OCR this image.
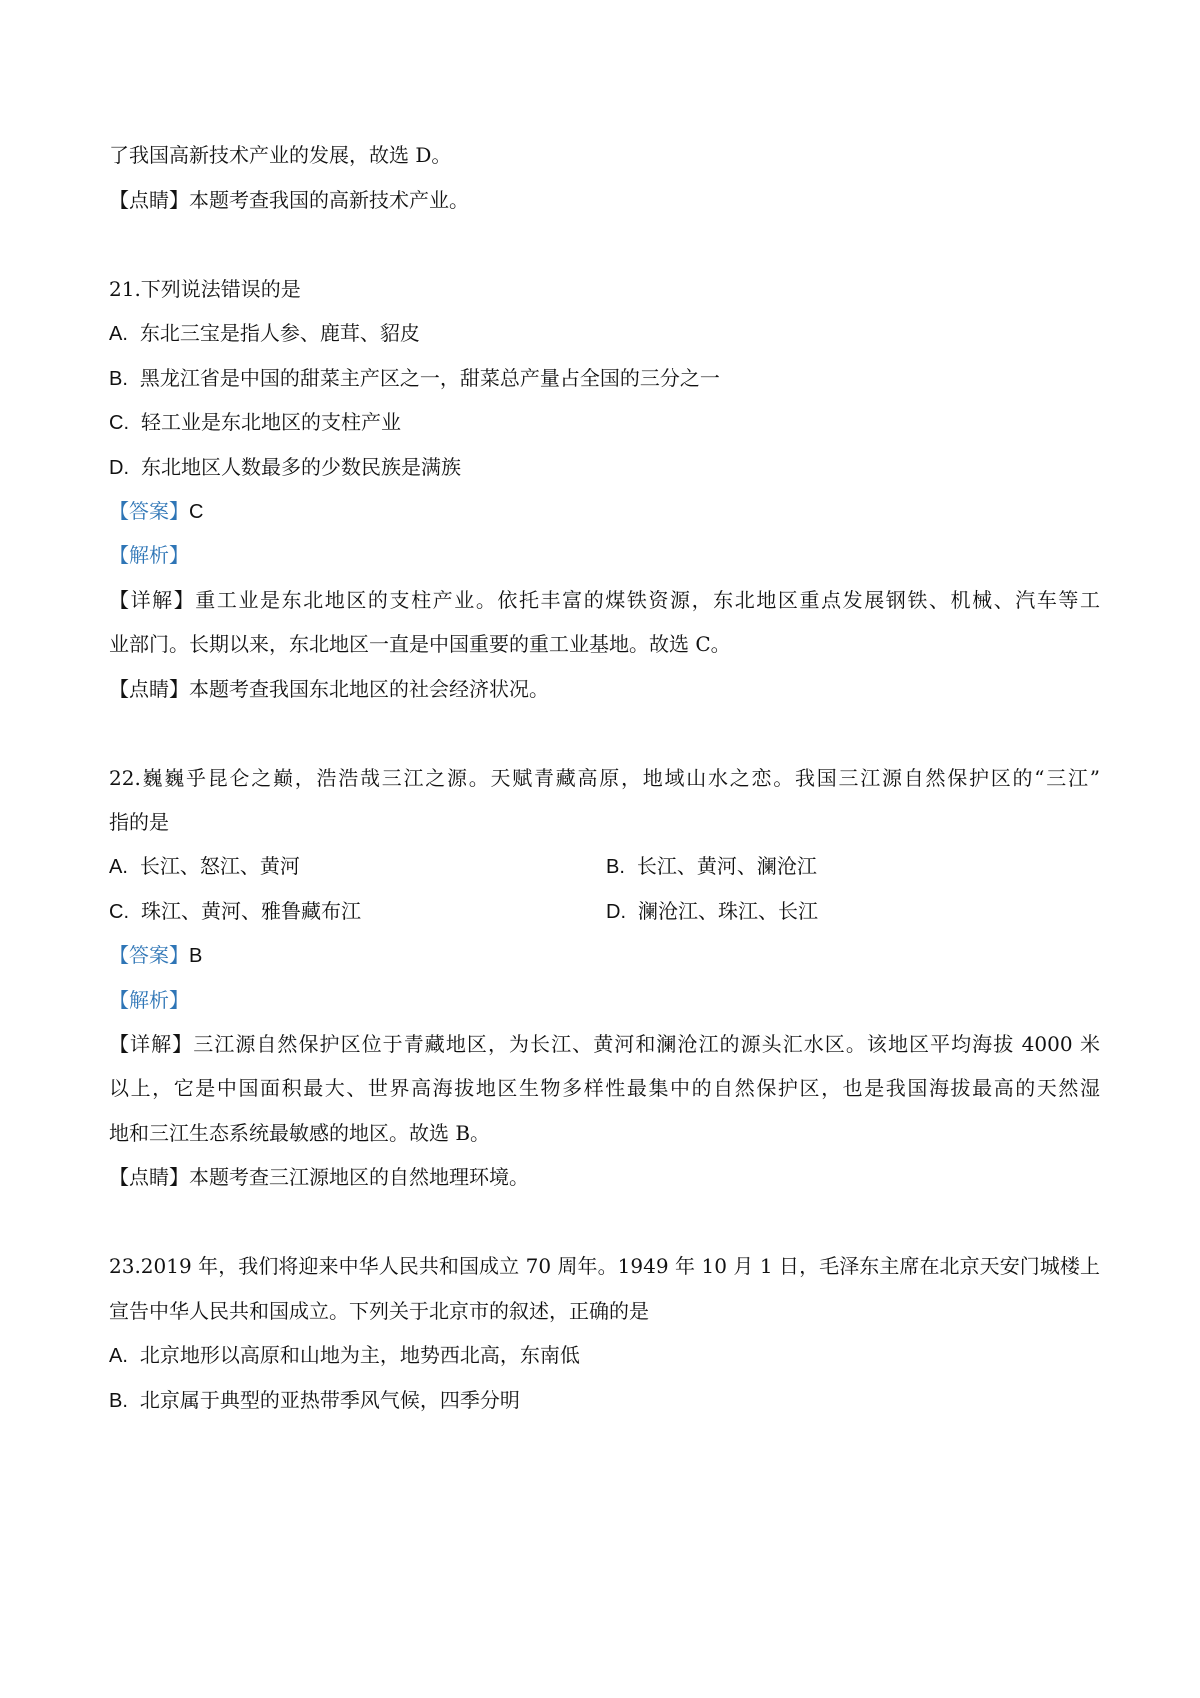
了我国高新技术产业的发展，故选 D。
【点睛】本题考查我国的高新技术产业。
21.下列说法错误的是
A. 东北三宝是指人参、鹿茸、貂皮
B. 黑龙江省是中国的甜菜主产区之一，甜菜总产量占全国的三分之一
C. 轻工业是东北地区的支柱产业
D. 东北地区人数最多的少数民族是满族
【答案】C
【解析】
【详解】重工业是东北地区的支柱产业。依托丰富的煤铁资源，东北地区重点发展钢铁、机械、汽车等工
业部门。长期以来，东北地区一直是中国重要的重工业基地。故选 C。
【点睛】本题考查我国东北地区的社会经济状况。
22.巍巍乎昆仑之巅，浩浩哉三江之源。天赋青藏高原，地域山水之恋。我国三江源自然保护区的“三江”
指的是
A. 长江、怒江、黄河	B. 长江、黄河、澜沧江
C. 珠江、黄河、雅鲁藏布江	D. 澜沧江、珠江、长江
【答案】B
【解析】
【详解】三江源自然保护区位于青藏地区，为长江、黄河和澜沧江的源头汇水区。该地区平均海拔 4000 米
以上，它是中国面积最大、世界高海拔地区生物多样性最集中的自然保护区，也是我国海拔最高的天然湿
地和三江生态系统最敏感的地区。故选 B。
【点睛】本题考查三江源地区的自然地理环境。
23.2019 年，我们将迎来中华人民共和国成立 70 周年。1949 年 10 月 1 日，毛泽东主席在北京天安门城楼上
宣告中华人民共和国成立。下列关于北京市的叙述，正确的是
A. 北京地形以高原和山地为主，地势西北高，东南低
B. 北京属于典型的亚热带季风气候，四季分明
